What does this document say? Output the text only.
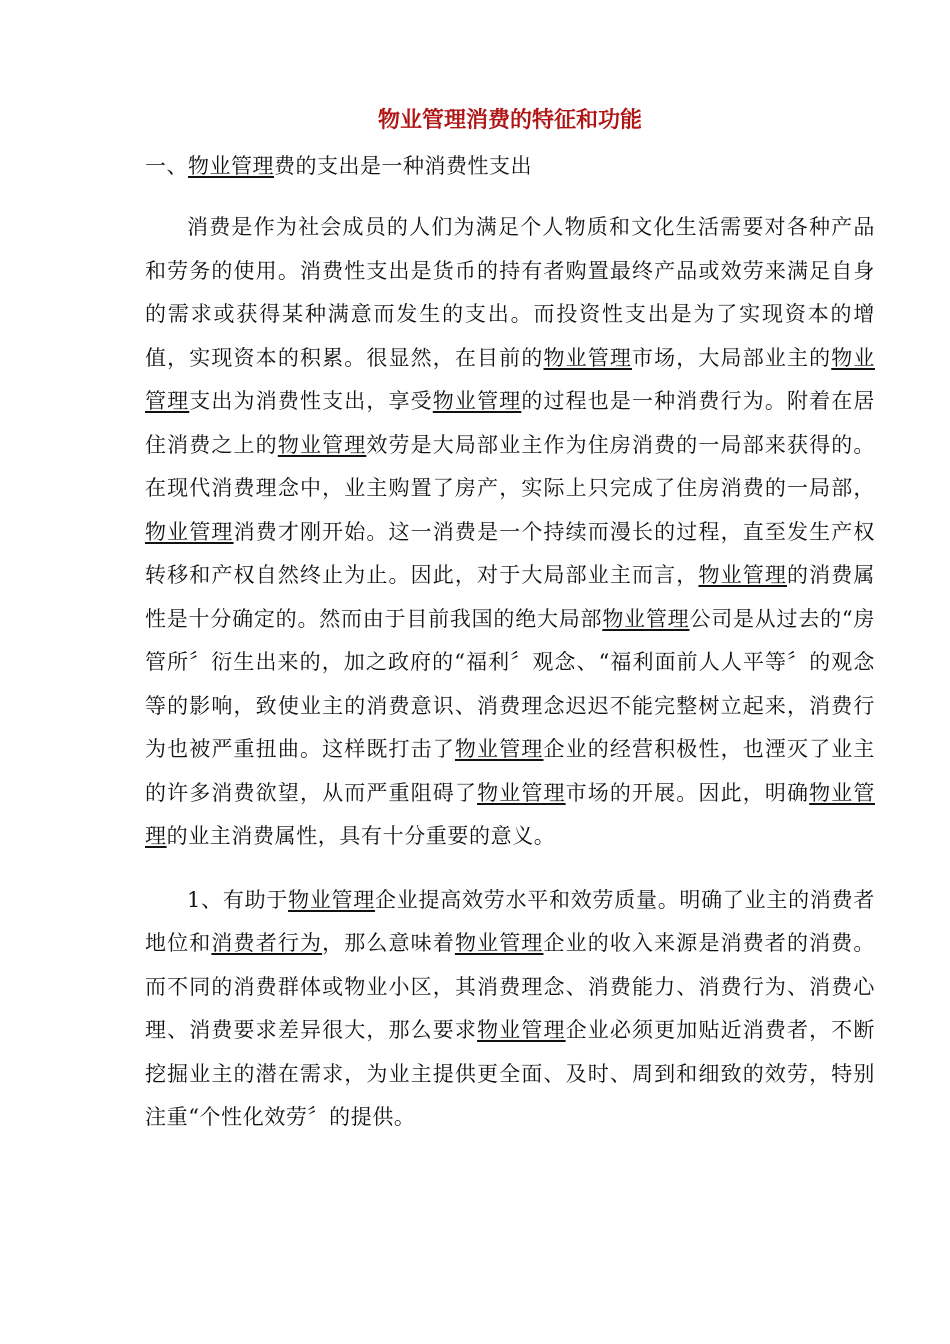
物业管理消费的特征和功能

一、物业管理费的支出是一种消费性支出

消费是作为社会成员的人们为满足个人物质和文化生活需要对各种产品和劳务的使用。消费性支出是货币的持有者购置最终产品或效劳来满足自身的需求或获得某种满意而发生的支出。而投资性支出是为了实现资本的增值，实现资本的积累。很显然，在目前的物业管理市场，大局部业主的物业管理支出为消费性支出，享受物业管理的过程也是一种消费行为。附着在居住消费之上的物业管理效劳是大局部业主作为住房消费的一局部来获得的。在现代消费理念中，业主购置了房产，实际上只完成了住房消费的一局部，物业管理消费才刚开始。这一消费是一个持续而漫长的过程，直至发生产权转移和产权自然终止为止。因此，对于大局部业主而言，物业管理的消费属性是十分确定的。然而由于目前我国的绝大局部物业管理公司是从过去的“房管所〞衍生出来的，加之政府的“福利〞观念、“福利面前人人平等〞的观念等的影响，致使业主的消费意识、消费理念迟迟不能完整树立起来，消费行为也被严重扭曲。这样既打击了物业管理企业的经营积极性，也湮灭了业主的许多消费欲望，从而严重阻碍了物业管理市场的开展。因此，明确物业管理的业主消费属性，具有十分重要的意义。

1、有助于物业管理企业提高效劳水平和效劳质量。明确了业主的消费者地位和消费者行为，那么意味着物业管理企业的收入来源是消费者的消费。而不同的消费群体或物业小区，其消费理念、消费能力、消费行为、消费心理、消费要求差异很大，那么要求物业管理企业必须更加贴近消费者，不断挖掘业主的潜在需求，为业主提供更全面、及时、周到和细致的效劳，特别注重“个性化效劳〞的提供。
